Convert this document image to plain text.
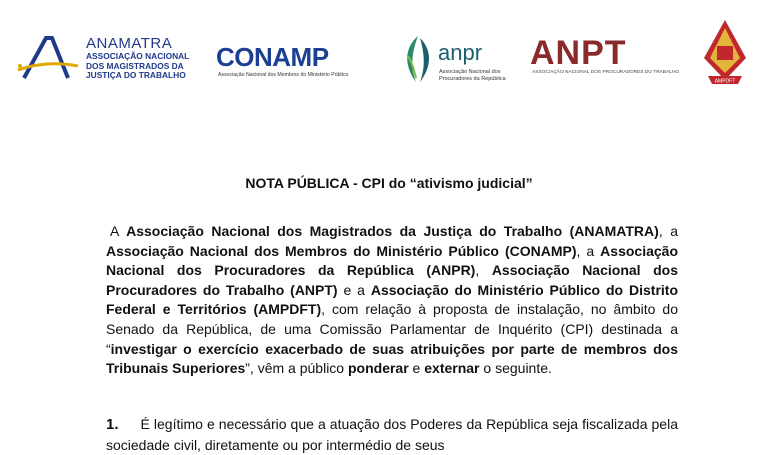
ANAMATRA
ASSOCIAÇÃO NACIONAL
DOS MAGISTRADOS DA
JUSTIÇA DO TRABALHO
CONAMP
Associação Nacional dos Membros do Ministério Público
anpr
Associação Nacional dos
Procuradores da República
ANPT
ASSOCIAÇÃO NACIONAL DOS PROCURADORES DO TRABALHO
AMPDFT
NOTA PÚBLICA - CPI do “ativismo judicial”
A Associação Nacional dos Magistrados da Justiça do Trabalho (ANAMATRA), a Associação Nacional dos Membros do Ministério Público (CONAMP), a Associação Nacional dos Procuradores da República (ANPR), Associação Nacional dos Procuradores do Trabalho (ANPT) e a Associação do Ministério Público do Distrito Federal e Territórios (AMPDFT), com relação à proposta de instalação, no âmbito do Senado da República, de uma Comissão Parlamentar de Inquérito (CPI) destinada a “investigar o exercício exacerbado de suas atribuições por parte de membros dos Tribunais Superiores”, vêm a público ponderar e externar o seguinte.
1. É legítimo e necessário que a atuação dos Poderes da República seja fiscalizada pela sociedade civil, diretamente ou por intermédio de seus
